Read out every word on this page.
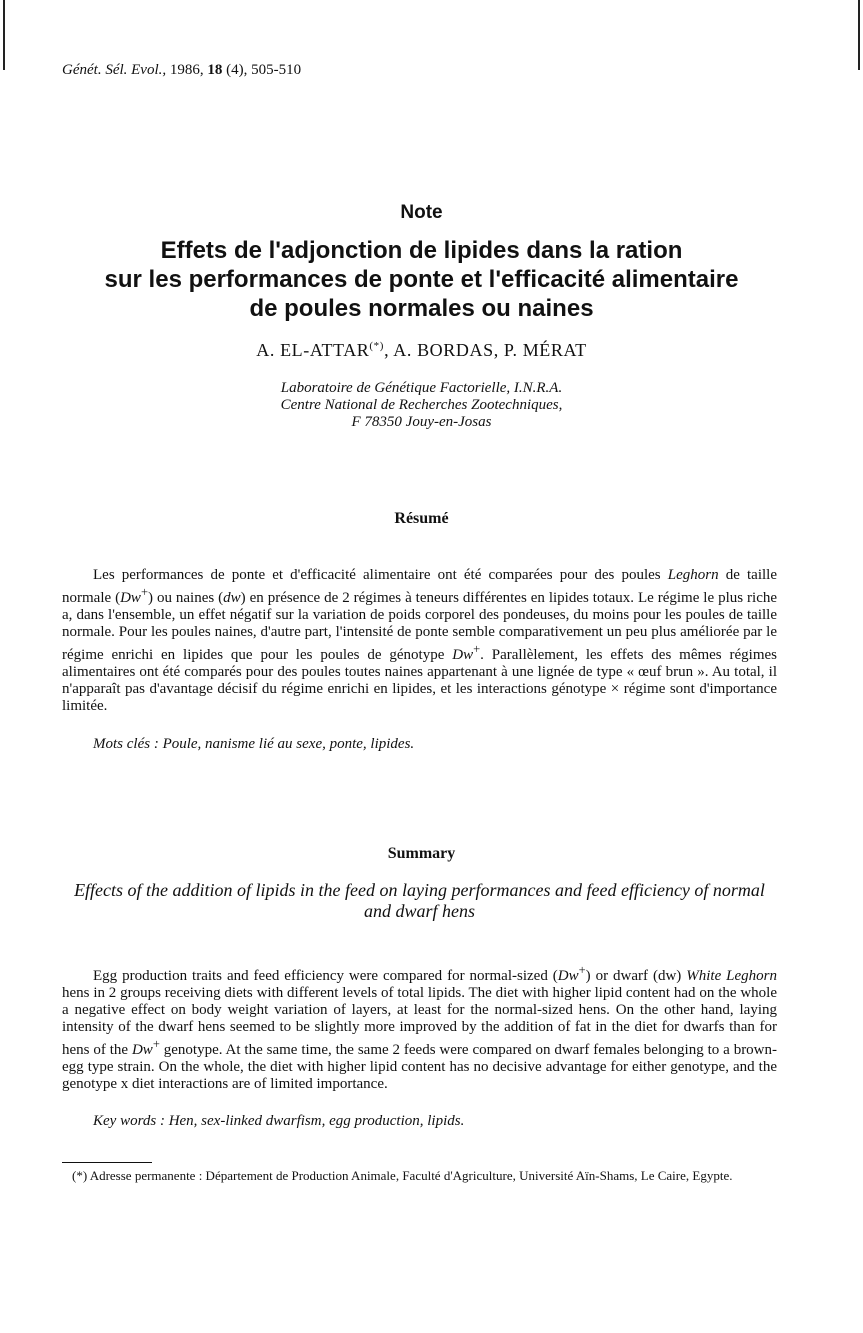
Génét. Sél. Evol., 1986, 18 (4), 505-510
Note
Effets de l'adjonction de lipides dans la ration
sur les performances de ponte et l'efficacité alimentaire
de poules normales ou naines
A. EL-ATTAR(*), A. BORDAS, P. MÉRAT
Laboratoire de Génétique Factorielle, I.N.R.A.
Centre National de Recherches Zootechniques,
F 78350 Jouy-en-Josas
Résumé

Les performances de ponte et d'efficacité alimentaire ont été comparées pour des poules Leghorn de taille normale (Dw+) ou naines (dw) en présence de 2 régimes à teneurs différentes en lipides totaux. Le régime le plus riche a, dans l'ensemble, un effet négatif sur la variation de poids corporel des pondeuses, du moins pour les poules de taille normale. Pour les poules naines, d'autre part, l'intensité de ponte semble comparativement un peu plus améliorée par le régime enrichi en lipides que pour les poules de génotype Dw+. Parallèlement, les effets des mêmes régimes alimentaires ont été comparés pour des poules toutes naines appartenant à une lignée de type « œuf brun ». Au total, il n'apparaît pas d'avantage décisif du régime enrichi en lipides, et les interactions génotype × régime sont d'importance limitée.

Mots clés : Poule, nanisme lié au sexe, ponte, lipides.
Summary
Effects of the addition of lipids in the feed on laying performances and feed efficiency of normal and dwarf hens

Egg production traits and feed efficiency were compared for normal-sized (Dw+) or dwarf (dw) White Leghorn hens in 2 groups receiving diets with different levels of total lipids. The diet with higher lipid content had on the whole a negative effect on body weight variation of layers, at least for the normal-sized hens. On the other hand, laying intensity of the dwarf hens seemed to be slightly more improved by the addition of fat in the diet for dwarfs than for hens of the Dw+ genotype. At the same time, the same 2 feeds were compared on dwarf females belonging to a brown-egg type strain. On the whole, the diet with higher lipid content has no decisive advantage for either genotype, and the genotype x diet interactions are of limited importance.

Key words : Hen, sex-linked dwarfism, egg production, lipids.

(*) Adresse permanente : Département de Production Animale, Faculté d'Agriculture, Université Aïn-Shams, Le Caire, Egypte.
